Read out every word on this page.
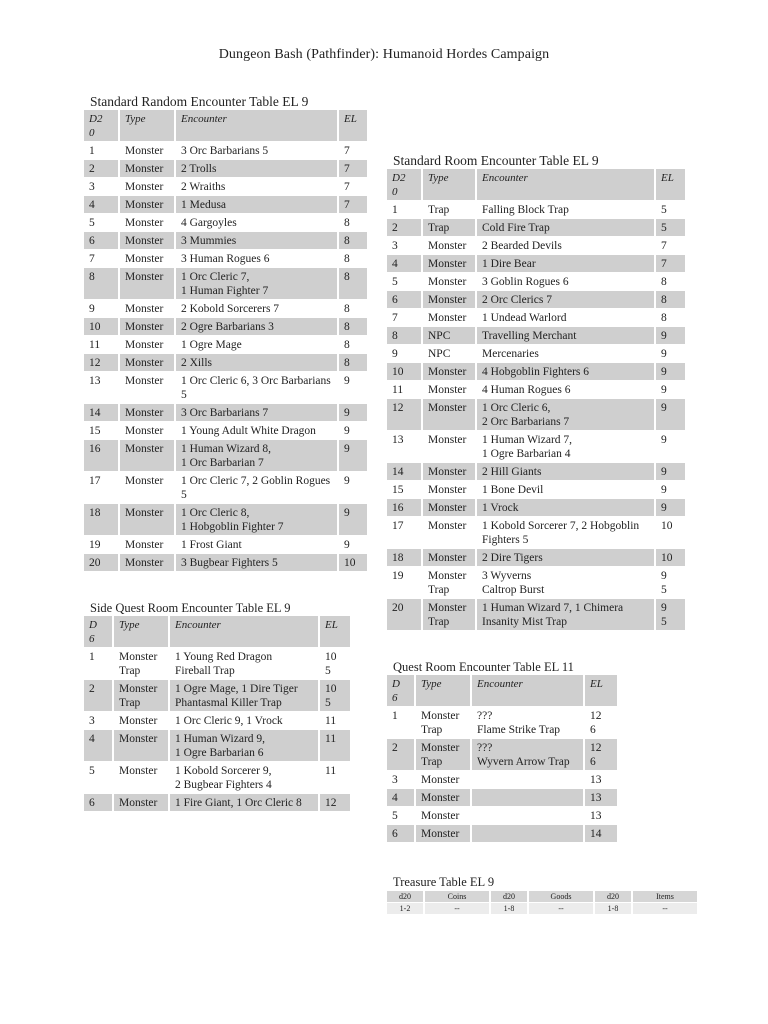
Dungeon Bash (Pathfinder): Humanoid Hordes Campaign
Standard Random Encounter Table EL 9
D2
0	Type	Encounter	EL
1	Monster	3 Orc Barbarians 5	7
2	Monster	2 Trolls	7
3	Monster	2 Wraiths	7
4	Monster	1 Medusa	7
5	Monster	4 Gargoyles	8
6	Monster	3 Mummies	8
7	Monster	3 Human Rogues 6	8
8	Monster	1 Orc Cleric 7,
1 Human Fighter 7	8
9	Monster	2 Kobold Sorcerers 7	8
10	Monster	2 Ogre Barbarians 3	8
11	Monster	1 Ogre Mage	8
12	Monster	2 Xills	8
13	Monster	1 Orc Cleric 6, 3 Orc Barbarians 5	9
14	Monster	3 Orc Barbarians 7	9
15	Monster	1 Young Adult White Dragon	9
16	Monster	1 Human Wizard 8,
1 Orc Barbarian 7	9
17	Monster	1 Orc Cleric 7, 2 Goblin Rogues 5	9
18	Monster	1 Orc Cleric 8,
1 Hobgoblin Fighter 7	9
19	Monster	1 Frost Giant	9
20	Monster	3 Bugbear Fighters 5	10
Standard Room Encounter Table EL 9
D2
0	Type	Encounter	EL
1	Trap	Falling Block Trap	5
2	Trap	Cold Fire Trap	5
3	Monster	2 Bearded Devils	7
4	Monster	1 Dire Bear	7
5	Monster	3 Goblin Rogues 6	8
6	Monster	2 Orc Clerics 7	8
7	Monster	1 Undead Warlord	8
8	NPC	Travelling Merchant	9
9	NPC	Mercenaries	9
10	Monster	4 Hobgoblin Fighters 6	9
11	Monster	4 Human Rogues 6	9
12	Monster	1 Orc Cleric 6,
2 Orc Barbarians 7	9
13	Monster	1 Human Wizard 7,
1 Ogre Barbarian 4	9
14	Monster	2 Hill Giants	9
15	Monster	1 Bone Devil	9
16	Monster	1 Vrock	9
17	Monster	1 Kobold Sorcerer 7, 2 Hobgoblin Fighters 5	10
18	Monster	2 Dire Tigers	10
19	Monster
Trap	3 Wyverns
Caltrop Burst	9
5
20	Monster
Trap	1 Human Wizard 7, 1 Chimera
Insanity Mist Trap	9
5
Side Quest Room Encounter Table EL 9
D
6	Type	Encounter	EL
1	Monster
Trap	1 Young Red Dragon
Fireball Trap	10
5
2	Monster
Trap	1 Ogre Mage, 1 Dire Tiger
Phantasmal Killer Trap	10
5
3	Monster	1 Orc Cleric 9, 1 Vrock	11
4	Monster	1 Human Wizard 9,
1 Ogre Barbarian 6	11
5	Monster	1 Kobold Sorcerer 9,
2 Bugbear Fighters 4	11
6	Monster	1 Fire Giant, 1 Orc Cleric 8	12
Quest Room Encounter Table EL 11
D
6	Type	Encounter	EL
1	Monster
Trap	???
Flame Strike Trap	12
6
2	Monster
Trap	???
Wyvern Arrow Trap	12
6
3	Monster		13
4	Monster		13
5	Monster		13
6	Monster		14
Treasure Table EL 9
d20	Coins	d20	Goods	d20	Items
1-2	--	1-8	--	1-8	--
